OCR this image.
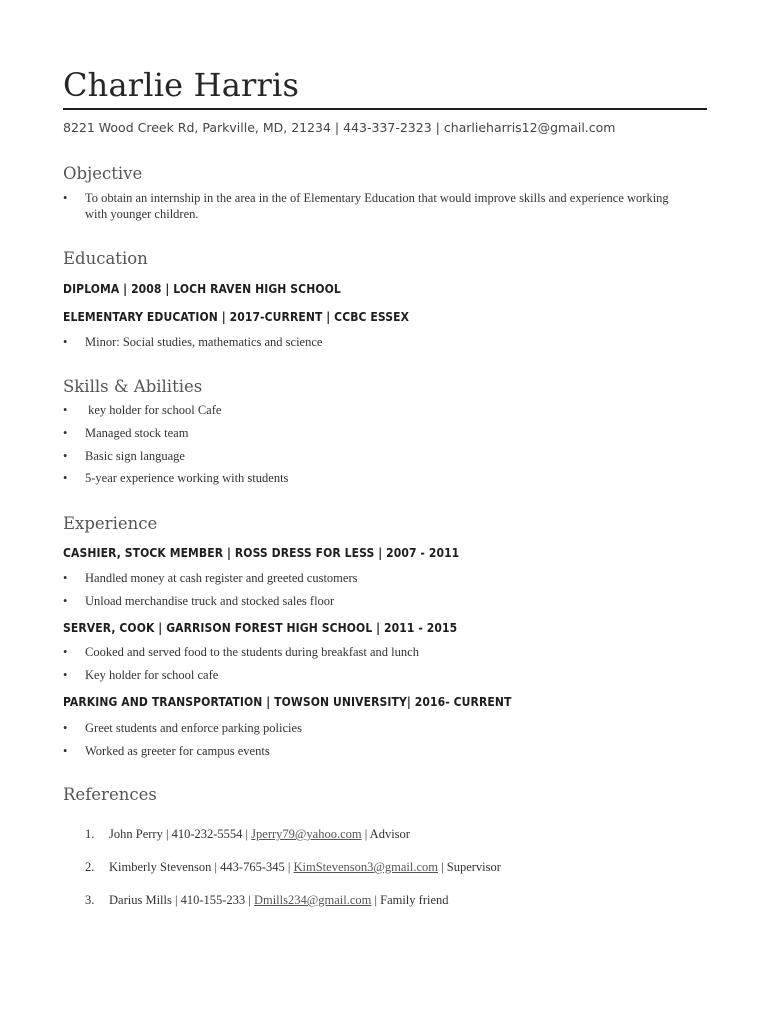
Charlie Harris
8221 Wood Creek Rd, Parkville, MD, 21234 | 443-337-2323 | charlieharris12@gmail.com
Objective
• To obtain an internship in the area in the of Elementary Education that would improve skills and experience working with younger children.
Education
DIPLOMA | 2008 | LOCH RAVEN HIGH SCHOOL
ELEMENTARY EDUCATION | 2017-CURRENT | CCBC ESSEX
• Minor: Social studies, mathematics and science
Skills & Abilities
• key holder for school Cafe
• Managed stock team
• Basic sign language
• 5-year experience working with students
Experience
CASHIER, STOCK MEMBER | ROSS DRESS FOR LESS | 2007 - 2011
• Handled money at cash register and greeted customers
• Unload merchandise truck and stocked sales floor
SERVER, COOK | GARRISON FOREST HIGH SCHOOL | 2011 - 2015
• Cooked and served food to the students during breakfast and lunch
• Key holder for school cafe
PARKING AND TRANSPORTATION | TOWSON UNIVERSITY| 2016- CURRENT
• Greet students and enforce parking policies
• Worked as greeter for campus events
References
1. John Perry | 410-232-5554 | Jperry79@yahoo.com | Advisor
2. Kimberly Stevenson | 443-765-345 | KimStevenson3@gmail.com | Supervisor
3. Darius Mills | 410-155-233 | Dmills234@gmail.com | Family friend
